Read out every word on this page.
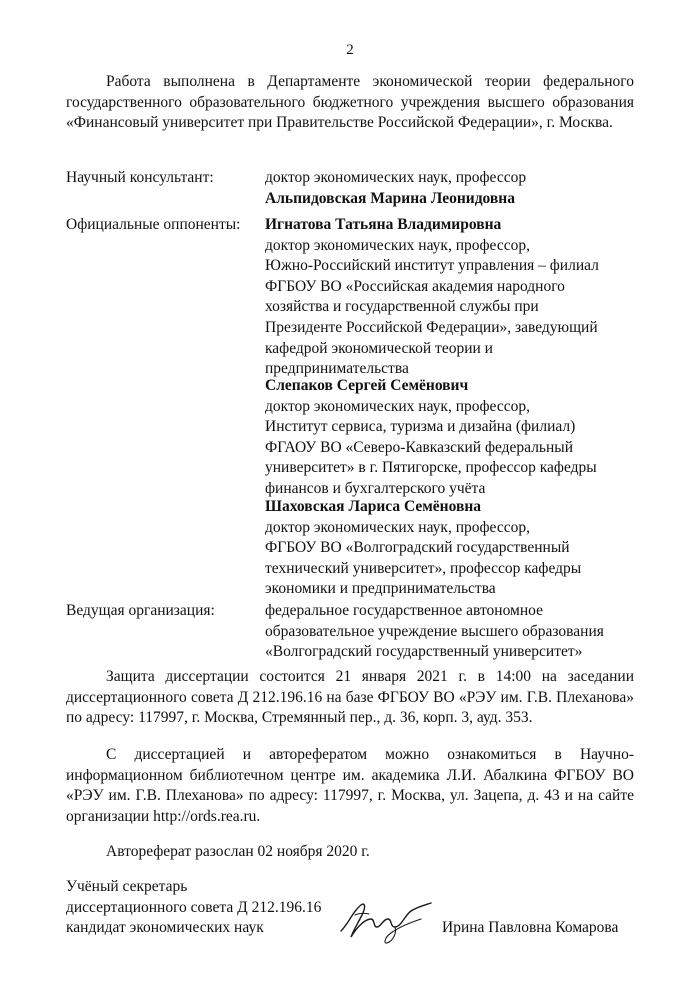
2

Работа выполнена в Департаменте экономической теории федерального государственного образовательного бюджетного учреждения высшего образования «Финансовый университет при Правительстве Российской Федерации», г. Москва.

Научный консультант:	доктор экономических наук, профессор
Альпидовская Марина Леонидовна
Официальные оппоненты: Игнатова Татьяна Владимировна
доктор экономических наук, профессор,
Южно-Российский институт управления – филиал
ФГБОУ ВО «Российская академия народного
хозяйства и государственной службы при
Президенте Российской Федерации», заведующий
кафедрой экономической теории и
предпринимательства
Слепаков Сергей Семёнович
доктор экономических наук, профессор,
Институт сервиса, туризма и дизайна (филиал)
ФГАОУ ВО «Северо-Кавказский федеральный
университет» в г. Пятигорске, профессор кафедры
финансов и бухгалтерского учёта
Шаховская Лариса Семёновна
доктор экономических наук, профессор,
ФГБОУ ВО «Волгоградский государственный
технический университет», профессор кафедры
экономики и предпринимательства
Ведущая организация:	федеральное государственное автономное
образовательное учреждение высшего образования
«Волгоградский государственный университет»

Защита диссертации состоится 21 января 2021 г. в 14:00 на заседании диссертационного совета Д 212.196.16 на базе ФГБОУ ВО «РЭУ им. Г.В. Плеханова» по адресу: 117997, г. Москва, Стремянный пер., д. 36, корп. 3, ауд. 353.

С диссертацией и авторефератом можно ознакомиться в Научно-информационном библиотечном центре им. академика Л.И. Абалкина ФГБОУ ВО «РЭУ им. Г.В. Плеханова» по адресу: 117997, г. Москва, ул. Зацепа, д. 43 и на сайте организации http://ords.rea.ru.

Автореферат разослан 02 ноября 2020 г.

Учёный секретарь
диссертационного совета Д 212.196.16
кандидат экономических наук	Ирина Павловна Комарова
